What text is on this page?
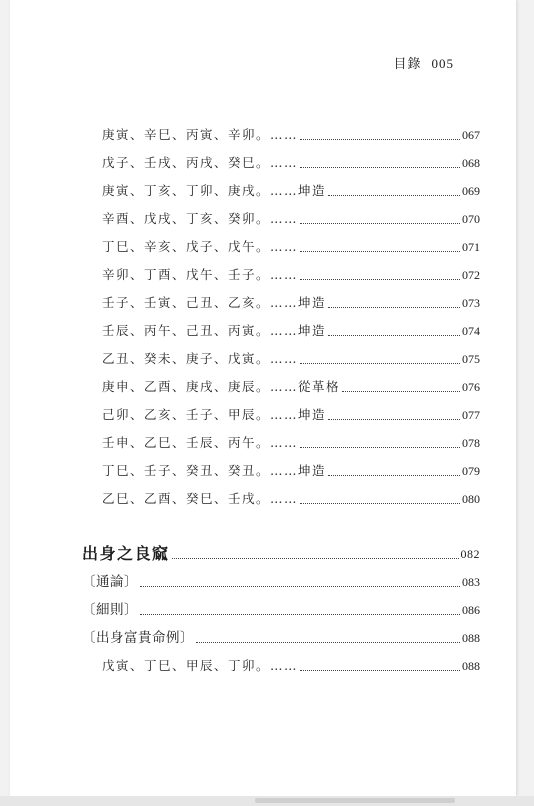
目錄 005
庚寅、辛巳、丙寅、辛卯。……	067
戊子、壬戌、丙戌、癸巳。……	068
庚寅、丁亥、丁卯、庚戌。……坤造	069
辛酉、戊戌、丁亥、癸卯。……	070
丁巳、辛亥、戊子、戊午。……	071
辛卯、丁酉、戊午、壬子。……	072
壬子、壬寅、己丑、乙亥。……坤造	073
壬辰、丙午、己丑、丙寅。……坤造	074
乙丑、癸未、庚子、戊寅。……	075
庚申、乙酉、庚戌、庚辰。……從革格	076
己卯、乙亥、壬子、甲辰。……坤造	077
壬申、乙巳、壬辰、丙午。……	078
丁巳、壬子、癸丑、癸丑。……坤造	079
乙巳、乙酉、癸巳、壬戌。……	080
出身之良窳	082
〔通論〕	083
〔細則〕	086
〔出身富貴命例〕	088
戊寅、丁巳、甲辰、丁卯。……	088
